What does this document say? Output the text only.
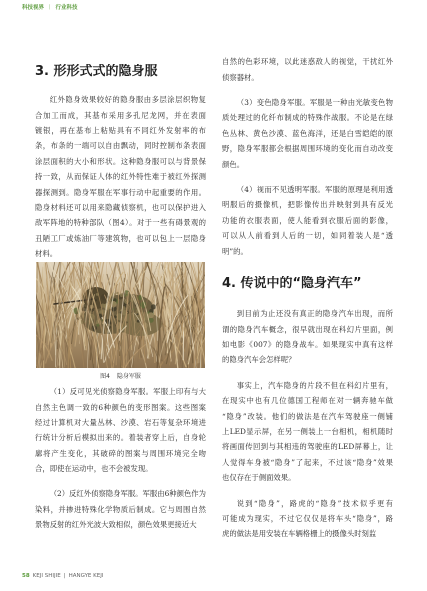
科技视界 丨 行业科技
3. 形形式式的隐身服
红外隐身效果较好的隐身服由多层涂层织物复
合加工而成，其基布采用多孔尼龙网，并在表面
镀银，再在基布上粘贴具有不同红外发射率的布
条，布条的一端可以自由飘动，同时控制布条表面
涂层面积的大小和形状。这种隐身服可以与背景保
持一致，从而保证人体的红外特性难于被红外探测
器探测到。隐身军服在军事行动中起重要的作用。
隐身材料还可以用来隐藏侦察机，也可以保护进入
敌军阵地的特种部队（图4）。对于一些有碍景观的
丑陋工厂或炼油厂等建筑物，也可以包上一层隐身
材料。
图4 隐身军服
（1）反可见光侦察隐身军服。军服上印有与大
自然主色调一致的6种颜色的变形图案。这些图案
经过计算机对大量丛林、沙漠、岩石等复杂环境进
行统计分析后模拟出来的。着装者穿上后，自身轮
廓将产生变化，其破碎的图案与周围环境完全吻
合，即使在运动中，也不会被发现。
（2）反红外侦察隐身军服。军服由6种颜色作为
染料，并掺进特殊化学物质后制成。它与周围自然
景物反射的红外光波大致相似，颜色效果更接近大
自然的色彩环境，以此迷惑敌人的视觉，干扰红外
侦察器材。
（3）变色隐身军服。军服是一种由光敏变色物
质处理过的化纤布制成的特殊作战服。不论是在绿
色丛林、黄色沙漠、蓝色海洋，还是白雪皑皑的原
野，隐身军服都会根据周围环境的变化而自动改变
颜色。
（4）视而不见透明军服。军服的原理是利用透
明服后的摄像机，把影像传出并映射到具有反光
功能的衣服表面，使人能看到衣服后面的影像，
可以从人前看到人后的一切，如同着装人是“透
明”的。
4. 传说中的“隐身汽车”
到目前为止还没有真正的隐身汽车出现，而所
谓的隐身汽车概念，很早就出现在科幻片里面，例
如电影《007》的隐身战车。如果现实中真有这样
的隐身汽车会怎样呢？
事实上，汽车隐身的片段不但在科幻片里有，
在现实中也有几位德国工程师在对一辆奔驰车做
“隐身”改装。他们的做法是在汽车驾驶座一侧铺
上LED显示屏，在另一侧装上一台相机，相机随时
将画面传回到与其相违的驾驶座的LED屏幕上，让
人觉得车身被“隐身”了起来，不过该“隐身”效果
也仅存在于侧面效果。
说到“隐身”，路虎的“隐身”技术似乎更有
可能成为现实，不过它仅仅是将车头“隐身”，路
虎的做法是用安装在车辆格栅上的摄像头时刻监
58 KEJI SHIJIE | HANGYE KEJI
